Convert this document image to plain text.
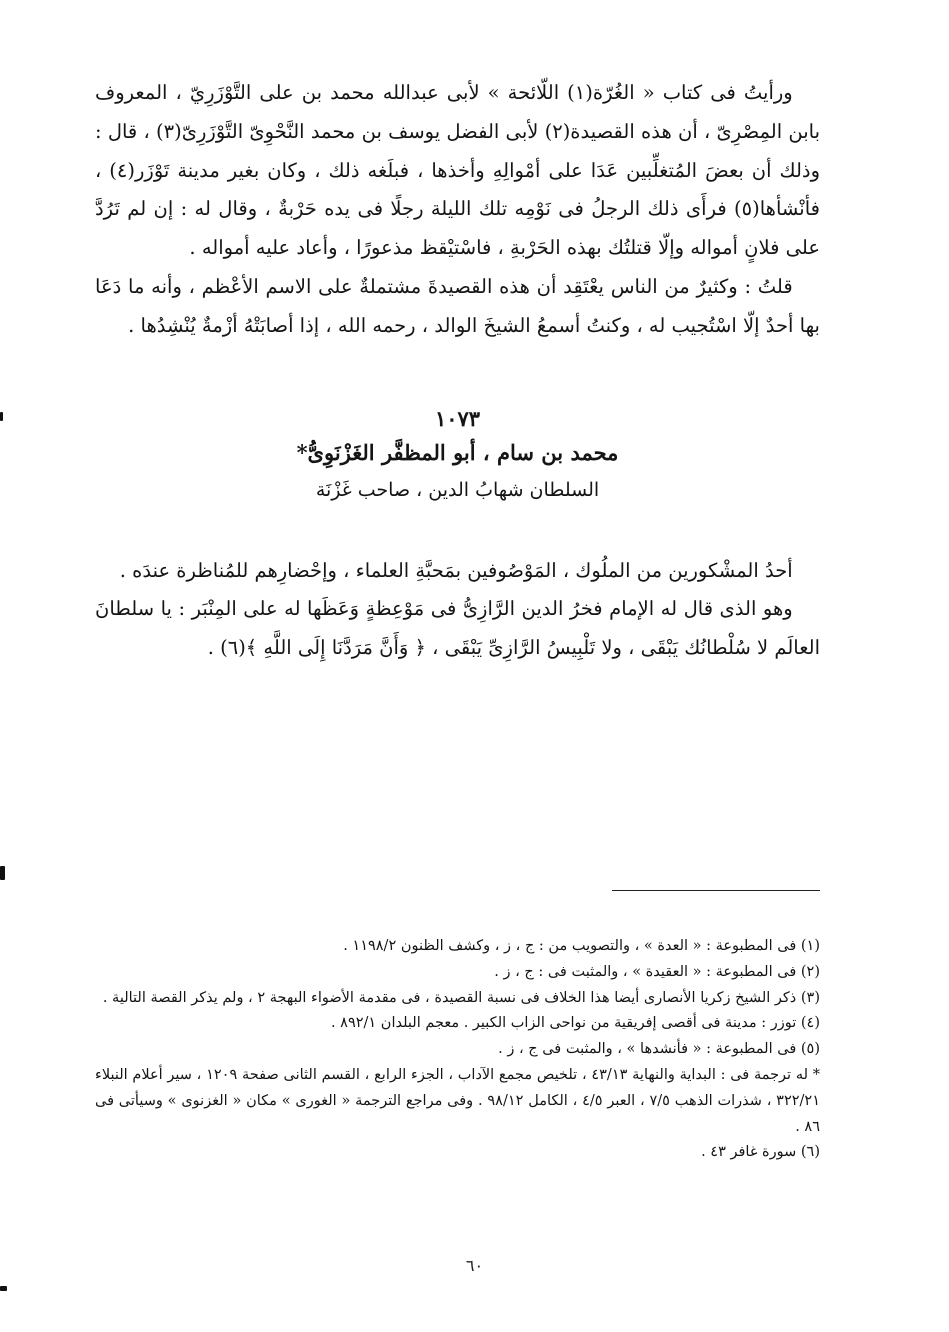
ورأيتُ فى كتاب « الغُرّة(١) اللّائحة » لأبى عبدالله محمد بن على التَّوْزَرِيّ ، المعروف بابن المِصْرِىّ ، أن هذه القصيدة(٢) لأبى الفضل يوسف بن محمد النَّحْوِىّ التَّوْزَرِىّ(٣) ، قال : وذلك أن بعضَ المُتغلِّبين عَدَا على أمْوالِهِ وأخذها ، فبلَغه ذلك ، وكان بغير مدينة تَوْزَر(٤) ، فأنْشأها(٥) فرأَى ذلك الرجلُ فى نَوْمِه تلك الليلة رجلًا فى يده حَرْبةٌ ، وقال له : إن لم تَرُدَّ على فلانٍ أمواله وإلّا قتلتُك بهذه الحَرْبةِ ، فاسْتيْقظ مذعورًا ، وأعاد عليه أمواله .

قلتُ : وكثيرٌ من الناس يعْتَقِد أن هذه القصيدةَ مشتملةٌ على الاسم الأعْظم ، وأنه ما دَعَا بها أحدٌ إلّا اسْتُجيب له ، وكنتُ أسمعُ الشيخَ الوالد ، رحمه الله ، إذا أصابَتْهُ أزْمةٌ يُنْشِدُها .

١٠٧٣
محمد بن سام ، أبو المظفَّر الغَزْنَوِىُّ*
السلطان شهابُ الدين ، صاحب غَزْنَة

أحدُ المشْكورين من الملُوك ، المَوْصُوفين بمَحبَّةِ العلماء ، وإحْضارِهم للمُناظرة عندَه .

وهو الذى قال له الإمام فخرُ الدين الرَّازِىُّ فى مَوْعِظةٍ وَعَظَها له على المِنْبَر : يا سلطانَ العالَم لا سُلْطانُك يَبْقَى ، ولا تَلْبِيسُ الرَّازِىِّ يَبْقَى ، ﴿ وَأَنَّ مَرَدَّنَا إِلَى اللَّهِ ﴾(٦) .

(١) فى المطبوعة : « العدة » ، والتصويب من : ج ، ز ، وكشف الظنون ١١٩٨/٢ .

(٢) فى المطبوعة : « العقيدة » ، والمثبت فى : ج ، ز .

(٣) ذكر الشيخ زكريا الأنصارى أيضا هذا الخلاف فى نسبة القصيدة ، فى مقدمة الأضواء البهجة ٢ ، ولم يذكر القصة التالية .

(٤) توزر : مدينة فى أقصى إفريقية من نواحى الزاب الكبير . معجم البلدان ٨٩٢/١ .

(٥) فى المطبوعة : « فأنشدها » ، والمثبت فى ج ، ز .

* له ترجمة فى : البداية والنهاية ٤٣/١٣ ، تلخيص مجمع الآداب ، الجزء الرابع ، القسم الثانى صفحة ١٢٠٩ ، سير أعلام النبلاء ٣٢٢/٢١ ، شذرات الذهب ٧/٥ ، العبر ٤/٥ ، الكامل ٩٨/١٢ . وفى مراجع الترجمة « الغورى » مكان « الغزنوى » وسيأتى فى ٨٦ .

(٦) سورة غافر ٤٣ .

٦٠
